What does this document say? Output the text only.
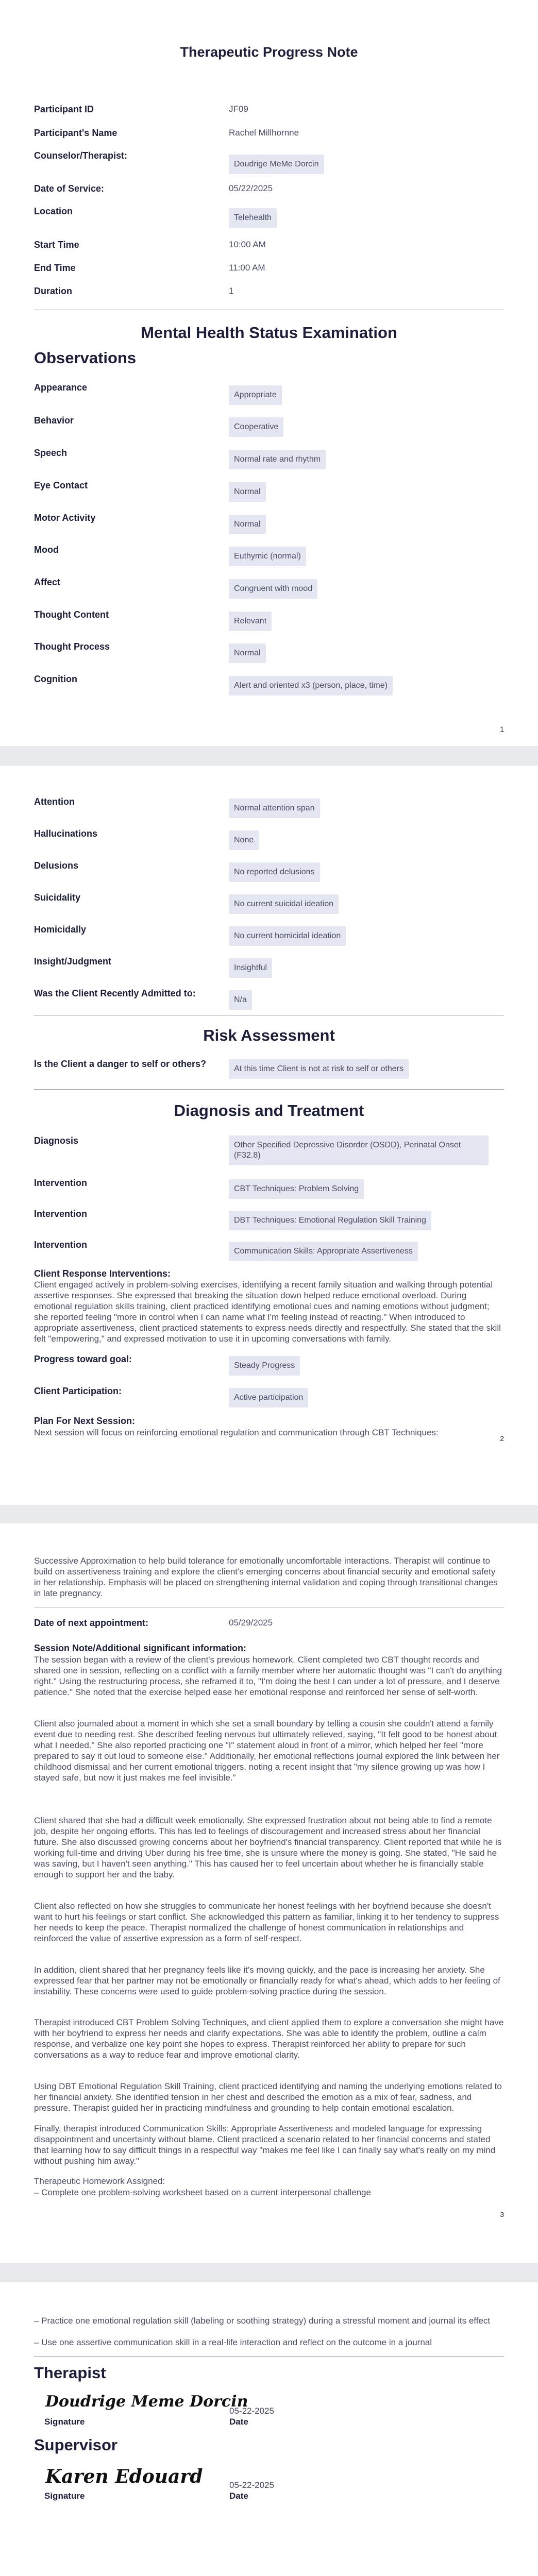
Therapeutic Progress Note
Participant ID	JF09
Participant's Name	Rachel Millhornne
Counselor/Therapist:
Doudrige MeMe Dorcin
Date of Service:	05/22/2025
Location
Telehealth
Start Time	10:00 AM
End Time	11:00 AM
Duration	1
Mental Health Status Examination
Observations
Appearance
Appropriate
Behavior
Cooperative
Speech
Normal rate and rhythm
Eye Contact
Normal
Motor Activity
Normal
Mood
Euthymic (normal)
Affect
Congruent with mood
Thought Content
Relevant
Thought Process
Normal
Cognition
Alert and oriented x3 (person, place, time)
1
Attention
Normal attention span
Hallucinations
None
Delusions
No reported delusions
Suicidality
No current suicidal ideation
Homicidally
No current homicidal ideation
Insight/Judgment
Insightful
Was the Client Recently Admitted to:
N/a
Risk Assessment
Is the Client a danger to self or others?	At this time Client is not at risk to self or others
Diagnosis and Treatment
Diagnosis	Other Specified Depressive Disorder (OSDD), Perinatal Onset (F32.8)
Intervention
CBT Techniques: Problem Solving
Intervention
DBT Techniques: Emotional Regulation Skill Training
Intervention
Communication Skills: Appropriate Assertiveness
Client Response Interventions:

Client engaged actively in problem-solving exercises, identifying a recent family situation and walking through potential assertive responses. She expressed that breaking the situation down helped reduce emotional overload. During emotional regulation skills training, client practiced identifying emotional cues and naming emotions without judgment; she reported feeling "more in control when I can name what I'm feeling instead of reacting." When introduced to appropriate assertiveness, client practiced statements to express needs directly and respectfully. She stated that the skill felt "empowering," and expressed motivation to use it in upcoming conversations with family.

Progress toward goal:
Steady Progress
Client Participation:
Active participation
Plan For Next Session:

Next session will focus on reinforcing emotional regulation and communication through CBT Techniques:

2

Successive Approximation to help build tolerance for emotionally uncomfortable interactions. Therapist will continue to build on assertiveness training and explore the client's emerging concerns about financial security and emotional safety in her relationship. Emphasis will be placed on strengthening internal validation and coping through transitional changes in late pregnancy.

Date of next appointment:	05/29/2025
Session Note/Additional significant information:

The session began with a review of the client's previous homework. Client completed two CBT thought records and shared one in session, reflecting on a conflict with a family member where her automatic thought was "I can't do anything right." Using the restructuring process, she reframed it to, "I'm doing the best I can under a lot of pressure, and I deserve patience." She noted that the exercise helped ease her emotional response and reinforced her sense of self-worth.

Client also journaled about a moment in which she set a small boundary by telling a cousin she couldn't attend a family event due to needing rest. She described feeling nervous but ultimately relieved, saying, "It felt good to be honest about what I needed." She also reported practicing one "I" statement aloud in front of a mirror, which helped her feel "more prepared to say it out loud to someone else." Additionally, her emotional reflections journal explored the link between her childhood dismissal and her current emotional triggers, noting a recent insight that "my silence growing up was how I stayed safe, but now it just makes me feel invisible."

Client shared that she had a difficult week emotionally. She expressed frustration about not being able to find a remote job, despite her ongoing efforts. This has led to feelings of discouragement and increased stress about her financial future. She also discussed growing concerns about her boyfriend's financial transparency. Client reported that while he is working full-time and driving Uber during his free time, she is unsure where the money is going. She stated, "He said he was saving, but I haven't seen anything." This has caused her to feel uncertain about whether he is financially stable enough to support her and the baby.

Client also reflected on how she struggles to communicate her honest feelings with her boyfriend because she doesn't want to hurt his feelings or start conflict. She acknowledged this pattern as familiar, linking it to her tendency to suppress her needs to keep the peace. Therapist normalized the challenge of honest communication in relationships and reinforced the value of assertive expression as a form of self-respect.

In addition, client shared that her pregnancy feels like it's moving quickly, and the pace is increasing her anxiety. She expressed fear that her partner may not be emotionally or financially ready for what's ahead, which adds to her feeling of instability. These concerns were used to guide problem-solving practice during the session.

Therapist introduced CBT Problem Solving Techniques, and client applied them to explore a conversation she might have with her boyfriend to express her needs and clarify expectations. She was able to identify the problem, outline a calm response, and verbalize one key point she hopes to express. Therapist reinforced her ability to prepare for such conversations as a way to reduce fear and improve emotional clarity.

Using DBT Emotional Regulation Skill Training, client practiced identifying and naming the underlying emotions related to her financial anxiety. She identified tension in her chest and described the emotion as a mix of fear, sadness, and pressure. Therapist guided her in practicing mindfulness and grounding to help contain emotional escalation.

Finally, therapist introduced Communication Skills: Appropriate Assertiveness and modeled language for expressing disappointment and uncertainty without blame. Client practiced a scenario related to her financial concerns and stated that learning how to say difficult things in a respectful way "makes me feel like I can finally say what's really on my mind without pushing him away."

Therapeutic Homework Assigned:

– Complete one problem-solving worksheet based on a current interpersonal challenge

3

– Practice one emotional regulation skill (labeling or soothing strategy) during a stressful moment and journal its effect

– Use one assertive communication skill in a real-life interaction and reflect on the outcome in a journal

Therapist
Doudrige Meme Dorcin
Signature
05-22-2025
Date
Supervisor
Karen Edouard
Signature
05-22-2025
Date
